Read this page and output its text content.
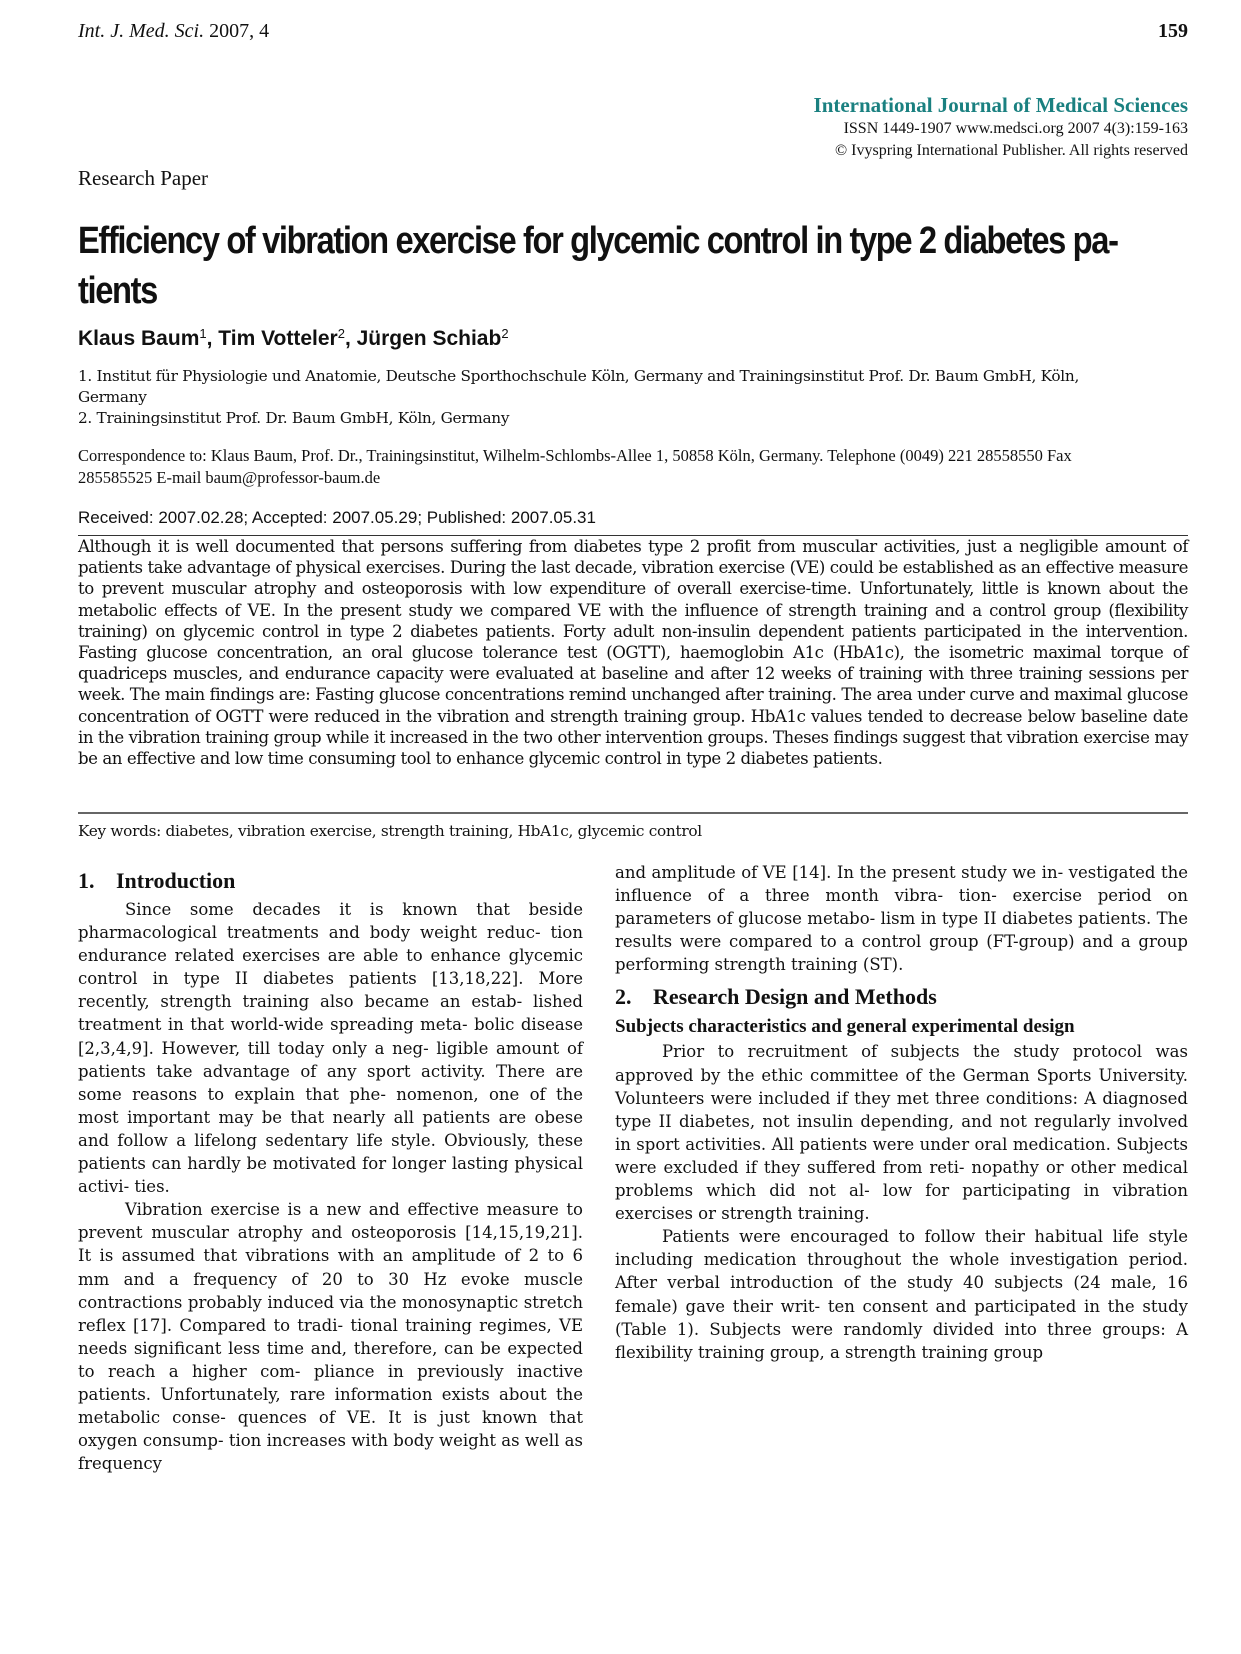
Int. J. Med. Sci. 2007, 4	159
International Journal of Medical Sciences
ISSN 1449-1907 www.medsci.org 2007 4(3):159-163
© Ivyspring International Publisher. All rights reserved
Research Paper
Efficiency of vibration exercise for glycemic control in type 2 diabetes pa- tients
Klaus Baum$^1$, Tim Votteler$^2$, Jürgen Schiab$^2$
1. Institut für Physiologie und Anatomie, Deutsche Sporthochschule Köln, Germany and Trainingsinstitut Prof. Dr. Baum GmbH, Köln, Germany
2. Trainingsinstitut Prof. Dr. Baum GmbH, Köln, Germany
Correspondence to: Klaus Baum, Prof. Dr., Trainingsinstitut, Wilhelm-Schlombs-Allee 1, 50858 Köln, Germany. Telephone (0049) 221 28558550 Fax 285585525 E-mail baum@professor-baum.de
Received: 2007.02.28; Accepted: 2007.05.29; Published: 2007.05.31
Although it is well documented that persons suffering from diabetes type 2 profit from muscular activities, just a negligible amount of patients take advantage of physical exercises. During the last decade, vibration exercise (VE) could be established as an effective measure to prevent muscular atrophy and osteoporosis with low expenditure of overall exercise-time. Unfortunately, little is known about the metabolic effects of VE. In the present study we compared VE with the influence of strength training and a control group (flexibility training) on glycemic control in type 2 diabetes patients. Forty adult non-insulin dependent patients participated in the intervention. Fasting glucose concentration, an oral glucose tolerance test (OGTT), haemoglobin A1c (HbA1c), the isometric maximal torque of quadriceps muscles, and endurance capacity were evaluated at baseline and after 12 weeks of training with three training sessions per week. The main findings are: Fasting glucose concentrations remind unchanged after training. The area under curve and maximal glucose concentration of OGTT were reduced in the vibration and strength training group. HbA1c values tended to decrease below baseline date in the vibration training group while it increased in the two other intervention groups. Theses findings suggest that vibration exercise may be an effective and low time consuming tool to enhance glycemic control in type 2 diabetes patients.
Key words: diabetes, vibration exercise, strength training, HbA1c, glycemic control
1. Introduction

Since some decades it is known that beside pharmacological treatments and body weight reduc- tion endurance related exercises are able to enhance glycemic control in type II diabetes patients [13,18,22]. More recently, strength training also became an estab- lished treatment in that world-wide spreading meta- bolic disease [2,3,4,9]. However, till today only a neg- ligible amount of patients take advantage of any sport activity. There are some reasons to explain that phe- nomenon, one of the most important may be that nearly all patients are obese and follow a lifelong sedentary life style. Obviously, these patients can hardly be motivated for longer lasting physical activi- ties.

Vibration exercise is a new and effective measure to prevent muscular atrophy and osteoporosis [14,15,19,21]. It is assumed that vibrations with an amplitude of 2 to 6 mm and a frequency of 20 to 30 Hz evoke muscle contractions probably induced via the monosynaptic stretch reflex [17]. Compared to tradi- tional training regimes, VE needs significant less time and, therefore, can be expected to reach a higher com- pliance in previously inactive patients. Unfortunately, rare information exists about the metabolic conse- quences of VE. It is just known that oxygen consump- tion increases with body weight as well as frequency

and amplitude of VE [14]. In the present study we in- vestigated the influence of a three month vibra- tion- exercise period on parameters of glucose metabo- lism in type II diabetes patients. The results were compared to a control group (FT-group) and a group performing strength training (ST).

2. Research Design and Methods
Subjects characteristics and general experimental design

Prior to recruitment of subjects the study protocol was approved by the ethic committee of the German Sports University. Volunteers were included if they met three conditions: A diagnosed type II diabetes, not insulin depending, and not regularly involved in sport activities. All patients were under oral medication. Subjects were excluded if they suffered from reti- nopathy or other medical problems which did not al- low for participating in vibration exercises or strength training.

Patients were encouraged to follow their habitual life style including medication throughout the whole investigation period. After verbal introduction of the study 40 subjects (24 male, 16 female) gave their writ- ten consent and participated in the study (Table 1). Subjects were randomly divided into three groups: A flexibility training group, a strength training group
